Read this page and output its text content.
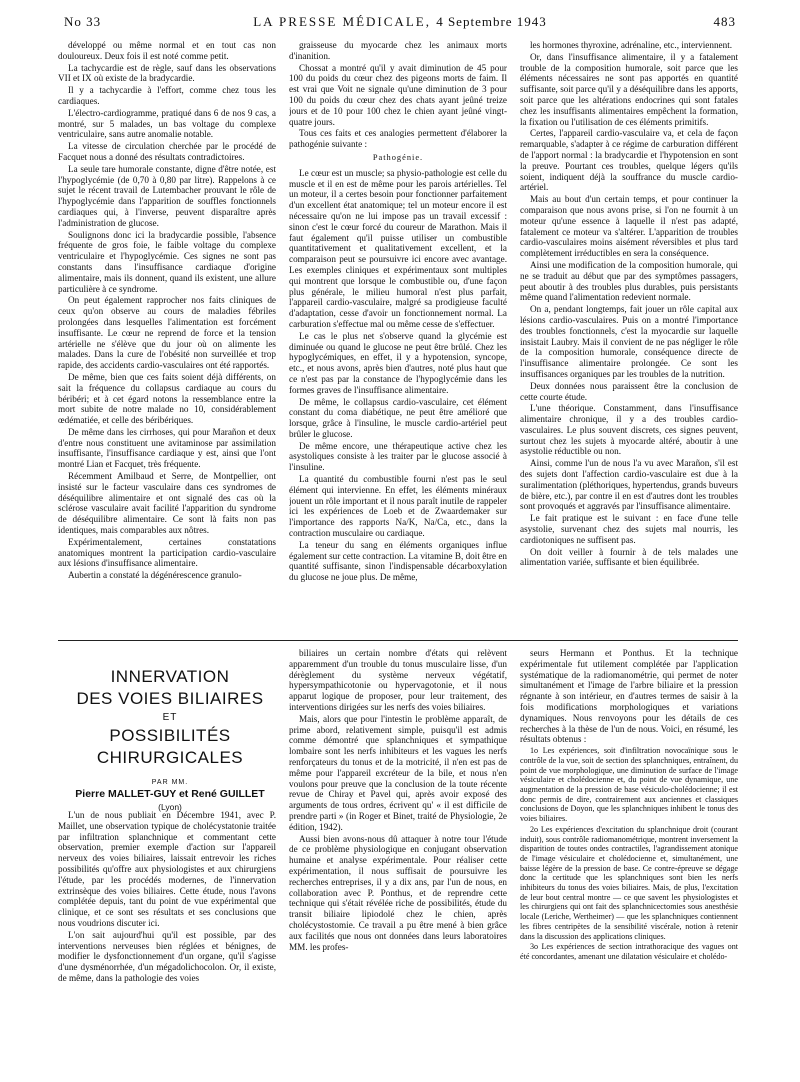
No 33	LA PRESSE MÉDICALE, 4 Septembre 1943	483

développé ou même normal et en tout cas non douloureux. Deux fois il est noté comme petit.

La tachycardie est de règle, sauf dans les observations VII et IX où existe de la bradycardie.

Il y a tachycardie à l'effort, comme chez tous les cardiaques.

L'électro-cardiogramme, pratiqué dans 6 de nos 9 cas, a montré, sur 5 malades, un bas voltage du complexe ventriculaire, sans autre anomalie notable.

La vitesse de circulation cherchée par le procédé de Facquet nous a donné des résultats contradictoires.

La seule tare humorale constante, digne d'être notée, est l'hypoglycémie (de 0,70 à 0,80 par litre). Rappelons à ce sujet le récent travail de Lutembacher prouvant le rôle de l'hypoglycémie dans l'apparition de souffles fonctionnels cardiaques qui, à l'inverse, peuvent disparaître après l'administration de glucose.

Soulignons donc ici la bradycardie possible, l'absence fréquente de gros foie, le faible voltage du complexe ventriculaire et l'hypoglycémie. Ces signes ne sont pas constants dans l'insuffisance cardiaque d'origine alimentaire, mais ils donnent, quand ils existent, une allure particulière à ce syndrome.

On peut également rapprocher nos faits cliniques de ceux qu'on observe au cours de maladies fébriles prolongées dans lesquelles l'alimentation est forcément insuffisante. Le cœur ne reprend de force et la tension artérielle ne s'élève que du jour où on alimente les malades. Dans la cure de l'obésité non surveillée et trop rapide, des accidents cardio-vasculaires ont été rapportés.

De même, bien que ces faits soient déjà différents, on sait la fréquence du collapsus cardiaque au cours du béribéri; et à cet égard notons la ressemblance entre la mort subite de notre malade no 10, considérablement œdématiée, et celle des béribériques.

De même dans les cirrhoses, qui pour Marañon et deux d'entre nous constituent une avitaminose par assimilation insuffisante, l'insuffisance cardiaque y est, ainsi que l'ont montré Lian et Facquet, très fréquente.

Récemment Amilbaud et Serre, de Montpellier, ont insisté sur le facteur vasculaire dans ces syndromes de déséquilibre alimentaire et ont signalé des cas où la sclérose vasculaire avait facilité l'apparition du syndrome de déséquilibre alimentaire. Ce sont là faits non pas identiques, mais comparables aux nôtres.

Expérimentalement, certaines constatations anatomiques montrent la participation cardio-vasculaire aux lésions d'insuffisance alimentaire.

Aubertin a constaté la dégénérescence granulo-

graisseuse du myocarde chez les animaux morts d'inanition.

Chossat a montré qu'il y avait diminution de 45 pour 100 du poids du cœur chez des pigeons morts de faim. Il est vrai que Voit ne signale qu'une diminution de 3 pour 100 du poids du cœur chez des chats ayant jeûné treize jours et de 10 pour 100 chez le chien ayant jeûné vingt-quatre jours.

Tous ces faits et ces analogies permettent d'élaborer la pathogénie suivante :

Pathogénie.

Le cœur est un muscle; sa physio-pathologie est celle du muscle et il en est de même pour les parois artérielles. Tel un moteur, il a certes besoin pour fonctionner parfaitement d'un excellent état anatomique; tel un moteur encore il est nécessaire qu'on ne lui impose pas un travail excessif : sinon c'est le cœur forcé du coureur de Marathon. Mais il faut également qu'il puisse utiliser un combustible quantitativement et qualitativement excellent, et la comparaison peut se poursuivre ici encore avec avantage. Les exemples cliniques et expérimentaux sont multiples qui montrent que lorsque le combustible ou, d'une façon plus générale, le milieu humoral n'est plus parfait, l'appareil cardio-vasculaire, malgré sa prodigieuse faculté d'adaptation, cesse d'avoir un fonctionnement normal. La carburation s'effectue mal ou même cesse de s'effectuer.

Le cas le plus net s'observe quand la glycémie est diminuée ou quand le glucose ne peut être brûlé. Chez les hypoglycémiques, en effet, il y a hypotension, syncope, etc., et nous avons, après bien d'autres, noté plus haut que ce n'est pas par la constance de l'hypoglycémie dans les formes graves de l'insuffisance alimentaire.

De même, le collapsus cardio-vasculaire, cet élément constant du coma diabétique, ne peut être amélioré que lorsque, grâce à l'insuline, le muscle cardio-artériel peut brûler le glucose.

De même encore, une thérapeutique active chez les asystoliques consiste à les traiter par le glucose associé à l'insuline.

La quantité du combustible fourni n'est pas le seul élément qui intervienne. En effet, les éléments minéraux jouent un rôle important et il nous paraît inutile de rappeler ici les expériences de Loeb et de Zwaardemaker sur l'importance des rapports Na/K, Na/Ca, etc., dans la contraction musculaire ou cardiaque.

La teneur du sang en éléments organiques influe également sur cette contraction. La vitamine B, doit être en quantité suffisante, sinon l'indispensable décarboxylation du glucose ne joue plus. De même,

les hormones thyroxine, adrénaline, etc., interviennent.

Or, dans l'insuffisance alimentaire, il y a fatalement trouble de la composition humorale, soit parce que les éléments nécessaires ne sont pas apportés en quantité suffisante, soit parce qu'il y a déséquilibre dans les apports, soit parce que les altérations endocrines qui sont fatales chez les insuffisants alimentaires empêchent la formation, la fixation ou l'utilisation de ces éléments primitifs.

Certes, l'appareil cardio-vasculaire va, et cela de façon remarquable, s'adapter à ce régime de carburation différent de l'apport normal : la bradycardie et l'hypotension en sont la preuve. Pourtant ces troubles, quelque légers qu'ils soient, indiquent déjà la souffrance du muscle cardio-artériel.

Mais au bout d'un certain temps, et pour continuer la comparaison que nous avons prise, si l'on ne fournit à un moteur qu'une essence à laquelle il n'est pas adapté, fatalement ce moteur va s'altérer. L'apparition de troubles cardio-vasculaires moins aisément réversibles et plus tard complètement irréductibles en sera la conséquence.

Ainsi une modification de la composition humorale, qui ne se traduit au début que par des symptômes passagers, peut aboutir à des troubles plus durables, puis persistants même quand l'alimentation redevient normale.

On a, pendant longtemps, fait jouer un rôle capital aux lésions cardio-vasculaires. Puis on a montré l'importance des troubles fonctionnels, c'est la myocardie sur laquelle insistait Laubry. Mais il convient de ne pas négliger le rôle de la composition humorale, conséquence directe de l'insuffisance alimentaire prolongée. Ce sont les insuffisances organiques par les troubles de la nutrition.

Deux données nous paraissent être la conclusion de cette courte étude.

L'une théorique. Constamment, dans l'insuffisance alimentaire chronique, il y a des troubles cardio-vasculaires. Le plus souvent discrets, ces signes peuvent, surtout chez les sujets à myocarde altéré, aboutir à une asystolie réductible ou non.

Ainsi, comme l'un de nous l'a vu avec Marañon, s'il est des sujets dont l'affection cardio-vasculaire est due à la suralimentation (pléthoriques, hypertendus, grands buveurs de bière, etc.), par contre il en est d'autres dont les troubles sont provoqués et aggravés par l'insuffisance alimentaire.

Le fait pratique est le suivant : en face d'une telle asystolie, survenant chez des sujets mal nourris, les cardiotoniques ne suffisent pas.

On doit veiller à fournir à de tels malades une alimentation variée, suffisante et bien équilibrée.

INNERVATION
DES VOIES BILIAIRES
ET
POSSIBILITÉS CHIRURGICALES
PAR MM.
Pierre MALLET-GUY et René GUILLET
(Lyon)

L'un de nous publiait en Décembre 1941, avec P. Maillet, une observation typique de cholécystatonie traitée par infiltration splanchnique et commentant cette observation, premier exemple d'action sur l'appareil nerveux des voies biliaires, laissait entrevoir les riches possibilités qu'offre aux physiologistes et aux chirurgiens l'étude, par les procédés modernes, de l'innervation extrinsèque des voies biliaires. Cette étude, nous l'avons complétée depuis, tant du point de vue expérimental que clinique, et ce sont ses résultats et ses conclusions que nous voudrions discuter ici.

L'on sait aujourd'hui qu'il est possible, par des interventions nerveuses bien réglées et bénignes, de modifier le dysfonctionnement d'un organe, qu'il s'agisse d'une dysménorrhée, d'un mégadolichocolon. Or, il existe, de même, dans la pathologie des voies

biliaires un certain nombre d'états qui relèvent apparemment d'un trouble du tonus musculaire lisse, d'un dérèglement du système nerveux végétatif, hypersympathicotonie ou hypervagotonie, et il nous apparut logique de proposer, pour leur traitement, des interventions dirigées sur les nerfs des voies biliaires.

Mais, alors que pour l'intestin le problème apparaît, de prime abord, relativement simple, puisqu'il est admis comme démontré que splanchniques et sympathique lombaire sont les nerfs inhibiteurs et les vagues les nerfs renforçateurs du tonus et de la motricité, il n'en est pas de même pour l'appareil excréteur de la bile, et nous n'en voulons pour preuve que la conclusion de la toute récente revue de Chiray et Pavel qui, après avoir exposé des arguments de tous ordres, écrivent qu' « il est difficile de prendre parti » (in Roger et Binet, traité de Physiologie, 2e édition, 1942).

Aussi bien avons-nous dû attaquer à notre tour l'étude de ce problème physiologique en conjugant observation humaine et analyse expérimentale. Pour réaliser cette expérimentation, il nous suffisait de poursuivre les recherches entreprises, il y a dix ans, par l'un de nous, en collaboration avec P. Ponthus, et de reprendre cette technique qui s'était révélée riche de possibilités, étude du transit biliaire lipiodolé chez le chien, après cholécystostomie. Ce travail a pu être mené à bien grâce aux facilités que nous ont données dans leurs laboratoires MM. les profes-

seurs Hermann et Ponthus. Et la technique expérimentale fut utilement complétée par l'application systématique de la radiomanométrie, qui permet de noter simultanément et l'image de l'arbre biliaire et la pression régnante à son intérieur, en d'autres termes de saisir à la fois modifications morphologiques et variations dynamiques. Nous renvoyons pour les détails de ces recherches à la thèse de l'un de nous. Voici, en résumé, les résultats obtenus :

1o Les expériences, soit d'infiltration novocaïnique sous le contrôle de la vue, soit de section des splanchniques, entraînent, du point de vue morphologique, une diminution de surface de l'image vésiculaire et cholédocienne et, du point de vue dynamique, une augmentation de la pression de base vésiculo-cholédocienne; il est donc permis de dire, contrairement aux anciennes et classiques conclusions de Doyon, que les splanchniques inhibent le tonus des voies biliaires.

2o Les expériences d'excitation du splanchnique droit (courant induit), sous contrôle radiomanométrique, montrent inversement la disparition de toutes ondes contractiles, l'agrandissement atonique de l'image vésiculaire et cholédocienne et, simultanément, une baisse légère de la pression de base. Ce contre-épreuve se dégage donc la certitude que les splanchniques sont bien les nerfs inhibiteurs du tonus des voies biliaires. Mais, de plus, l'excitation de leur bout central montre — ce que savent les physiologistes et les chirurgiens qui ont fait des splanchnicectomies sous anesthésie locale (Leriche, Wertheimer) — que les splanchniques contiennent les fibres centripètes de la sensibilité viscérale, notion à retenir dans la discussion des applications cliniques.

3o Les expériences de section intrathoracique des vagues ont été concordantes, amenant une dilatation vésiculaire et cholédo-
